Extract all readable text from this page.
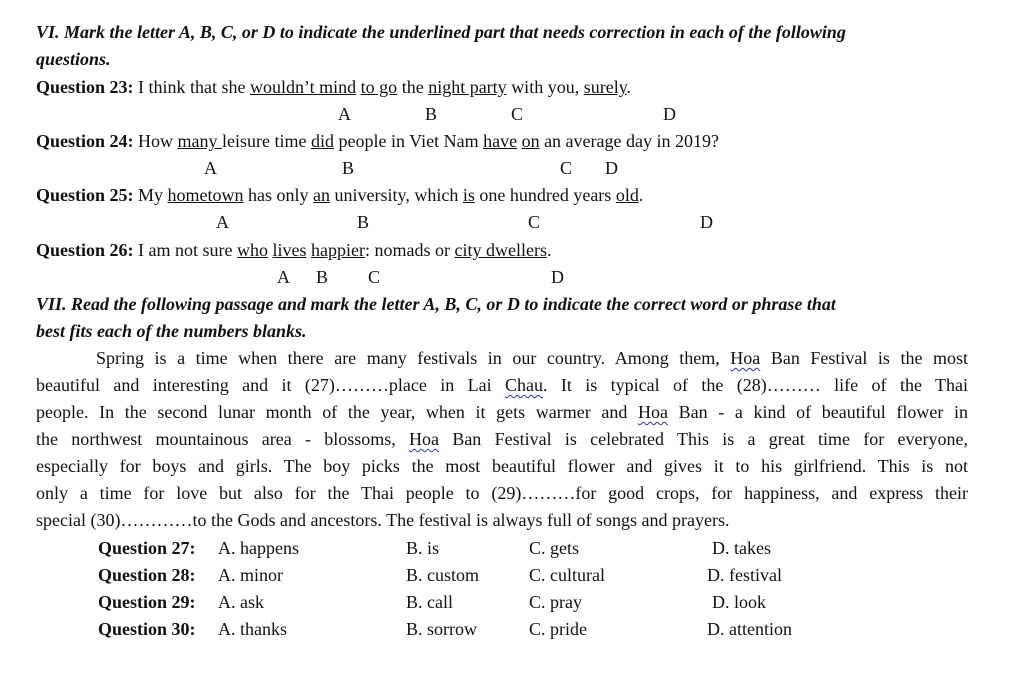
VI. Mark the letter A, B, C, or D to indicate the underlined part that needs correction in each of the following
questions.
Question 23: I think that she wouldn’t mind to go the night party with you, surely.
Question 24: How many leisure time did people in Viet Nam have on an average day in 2019?
Question 25: My hometown has only an university, which is one hundred years old.
Question 26: I am not sure who lives happier: nomads or city dwellers.
A	B	C	D
A	B	C D
A	B	C	D
A B C	D
VII. Read the following passage and mark the letter A, B, C, or D to indicate the correct word or phrase that
best fits each of the numbers blanks.
Spring is a time when there are many festivals in our country. Among them, Hoa Ban Festival is the most
beautiful and interesting and it (27)………place in Lai Chau. It is typical of the (28)……… life of the Thai
people. In the second lunar month of the year, when it gets warmer and Hoa Ban - a kind of beautiful flower in
the northwest mountainous area - blossoms, Hoa Ban Festival is celebrated This is a great time for everyone,
especially for boys and girls. The boy picks the most beautiful flower and gives it to his girlfriend. This is not
only a time for love but also for the Thai people to (29)………for good crops, for happiness, and express their
special (30)…………to the Gods and ancestors. The festival is always full of songs and prayers.
Question 27: A. happens	B. is	C. gets	D. takes
Question 28: A. minor	B. custom	C. cultural	D. festival
Question 29: A. ask	B. call	C. pray	D. look
Question 30: A. thanks	B. sorrow	C. pride	D. attention
